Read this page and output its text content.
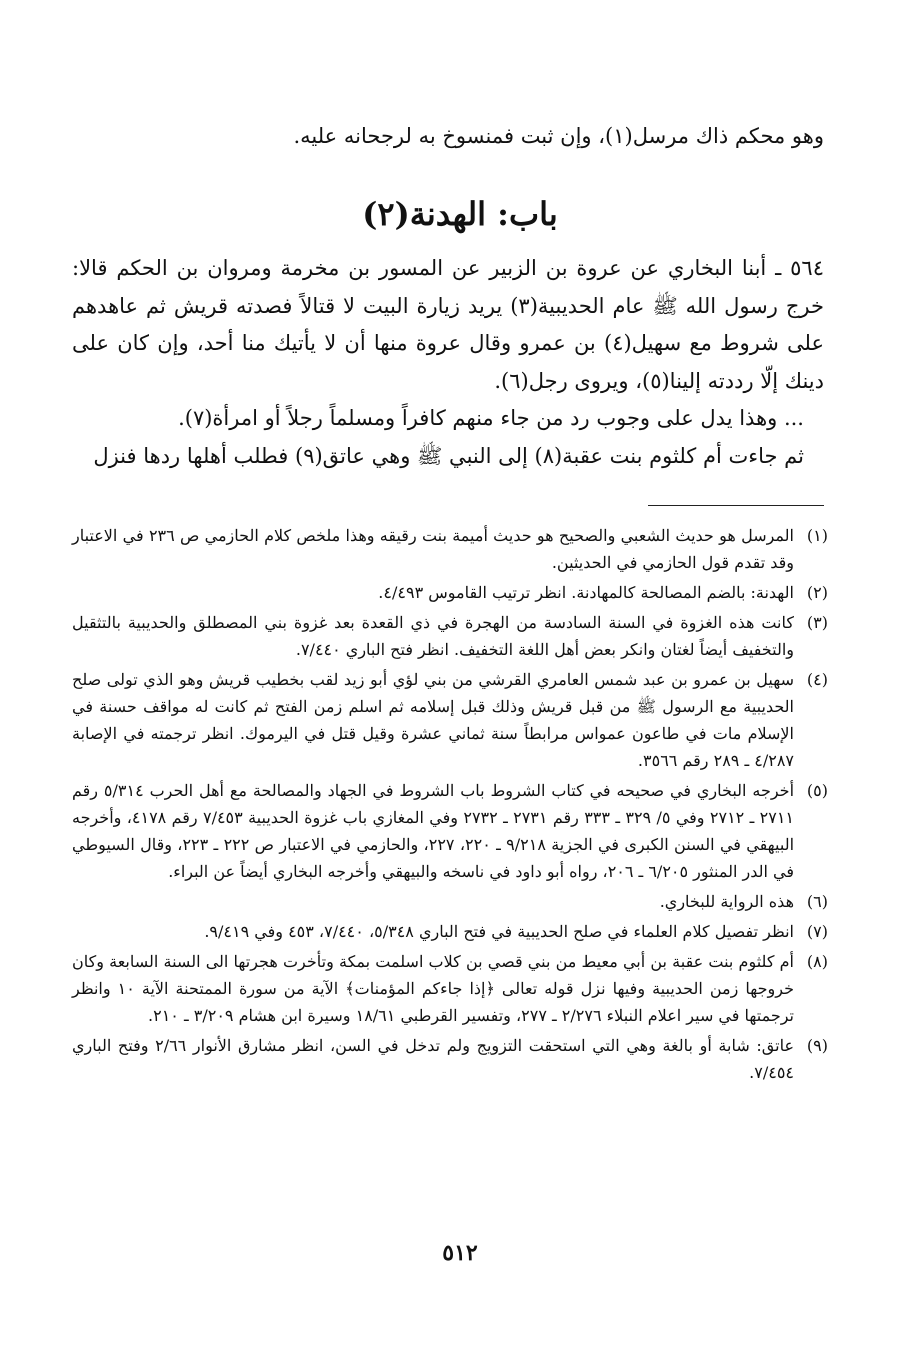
وهو محكم ذاك مرسل(١)، وإن ثبت فمنسوخ به لرجحانه عليه.
باب: الهدنة(٢)

٥٦٤ ـ أبنا البخاري عن عروة بن الزبير عن المسور بن مخرمة ومروان بن الحكم قالا: خرج رسول الله ﷺ عام الحديبية(٣) يريد زيارة البيت لا قتالاً فصدته قريش ثم عاهدهم على شروط مع سهيل(٤) بن عمرو وقال عروة منها أن لا يأتيك منا أحد، وإن كان على دينك إلّا رددته إلينا(٥)، ويروى رجل(٦).

... وهذا يدل على وجوب رد من جاء منهم كافراً ومسلماً رجلاً أو امرأة(٧).

ثم جاءت أم كلثوم بنت عقبة(٨) إلى النبي ﷺ وهي عاتق(٩) فطلب أهلها ردها فنزل

(١)
المرسل هو حديث الشعبي والصحيح هو حديث أميمة بنت رقيقه وهذا ملخص كلام الحازمي ص ٢٣٦ في الاعتبار وقد تقدم قول الحازمي في الحديثين.
(٢)
الهدنة: بالضم المصالحة كالمهادنة. انظر ترتيب القاموس ٤/٤٩٣.
(٣)
كانت هذه الغزوة في السنة السادسة من الهجرة في ذي القعدة بعد غزوة بني المصطلق والحديبية بالتثقيل والتخفيف أيضاً لغتان وانكر بعض أهل اللغة التخفيف. انظر فتح الباري ٧/٤٤٠.
(٤)
سهيل بن عمرو بن عبد شمس العامري القرشي من بني لؤي أبو زيد لقب بخطيب قريش وهو الذي تولى صلح الحديبية مع الرسول ﷺ من قبل قريش وذلك قبل إسلامه ثم اسلم زمن الفتح ثم كانت له مواقف حسنة في الإسلام مات في طاعون عمواس مرابطاً سنة ثماني عشرة وقيل قتل في اليرموك. انظر ترجمته في الإصابة ٤/٢٨٧ ـ ٢٨٩ رقم ٣٥٦٦.
(٥)
أخرجه البخاري في صحيحه في كتاب الشروط باب الشروط في الجهاد والمصالحة مع أهل الحرب ٥/٣١٤ رقم ٢٧١١ ـ ٢٧١٢ وفي ٥/ ٣٢٩ ـ ٣٣٣ رقم ٢٧٣١ ـ ٢٧٣٢ وفي المغازي باب غزوة الحديبية ٧/٤٥٣ رقم ٤١٧٨، وأخرجه البيهقي في السنن الكبرى في الجزية ٩/٢١٨ ـ ٢٢٠، ٢٢٧، والحازمي في الاعتبار ص ٢٢٢ ـ ٢٢٣، وقال السيوطي في الدر المنثور ٦/٢٠٥ ـ ٢٠٦، رواه أبو داود في ناسخه والبيهقي وأخرجه البخاري أيضاً عن البراء.
(٦)
هذه الرواية للبخاري.
(٧)
انظر تفصيل كلام العلماء في صلح الحديبية في فتح الباري ٥/٣٤٨، ٧/٤٤٠، ٤٥٣ وفي ٩/٤١٩.
(٨)
أم كلثوم بنت عقبة بن أبي معيط من بني قصي بن كلاب اسلمت بمكة وتأخرت هجرتها الى السنة السابعة وكان خروجها زمن الحديبية وفيها نزل قوله تعالى ﴿إذا جاءكم المؤمنات﴾ الآية من سورة الممتحنة الآية ١٠ وانظر ترجمتها في سير اعلام النبلاء ٢/٢٧٦ ـ ٢٧٧، وتفسير القرطبي ١٨/٦١ وسيرة ابن هشام ٣/٢٠٩ ـ ٢١٠.
(٩)
عاتق: شابة أو بالغة وهي التي استحقت التزويج ولم تدخل في السن، انظر مشارق الأنوار ٢/٦٦ وفتح الباري ٧/٤٥٤.
٥١٢
